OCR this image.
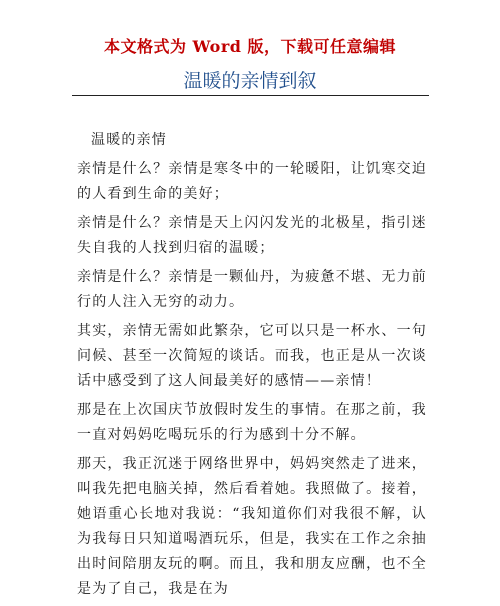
本文格式为 Word 版，下载可任意编辑
温暖的亲情到叙

温暖的亲情

亲情是什么？亲情是寒冬中的一轮暖阳，让饥寒交迫的人看到生命的美好；

亲情是什么？亲情是天上闪闪发光的北极星，指引迷失自我的人找到归宿的温暖；

亲情是什么？亲情是一颗仙丹，为疲惫不堪、无力前行的人注入无穷的动力。

其实，亲情无需如此繁杂，它可以只是一杯水、一句问候、甚至一次简短的谈话。而我，也正是从一次谈话中感受到了这人间最美好的感情——亲情！

那是在上次国庆节放假时发生的事情。在那之前，我一直对妈妈吃喝玩乐的行为感到十分不解。

那天，我正沉迷于网络世界中，妈妈突然走了进来，叫我先把电脑关掉，然后看着她。我照做了。接着，她语重心长地对我说：“我知道你们对我很不解，认为我每日只知道喝酒玩乐，但是，我实在工作之余抽出时间陪朋友玩的啊。而且，我和朋友应酬，也不全是为了自己，我是在为
